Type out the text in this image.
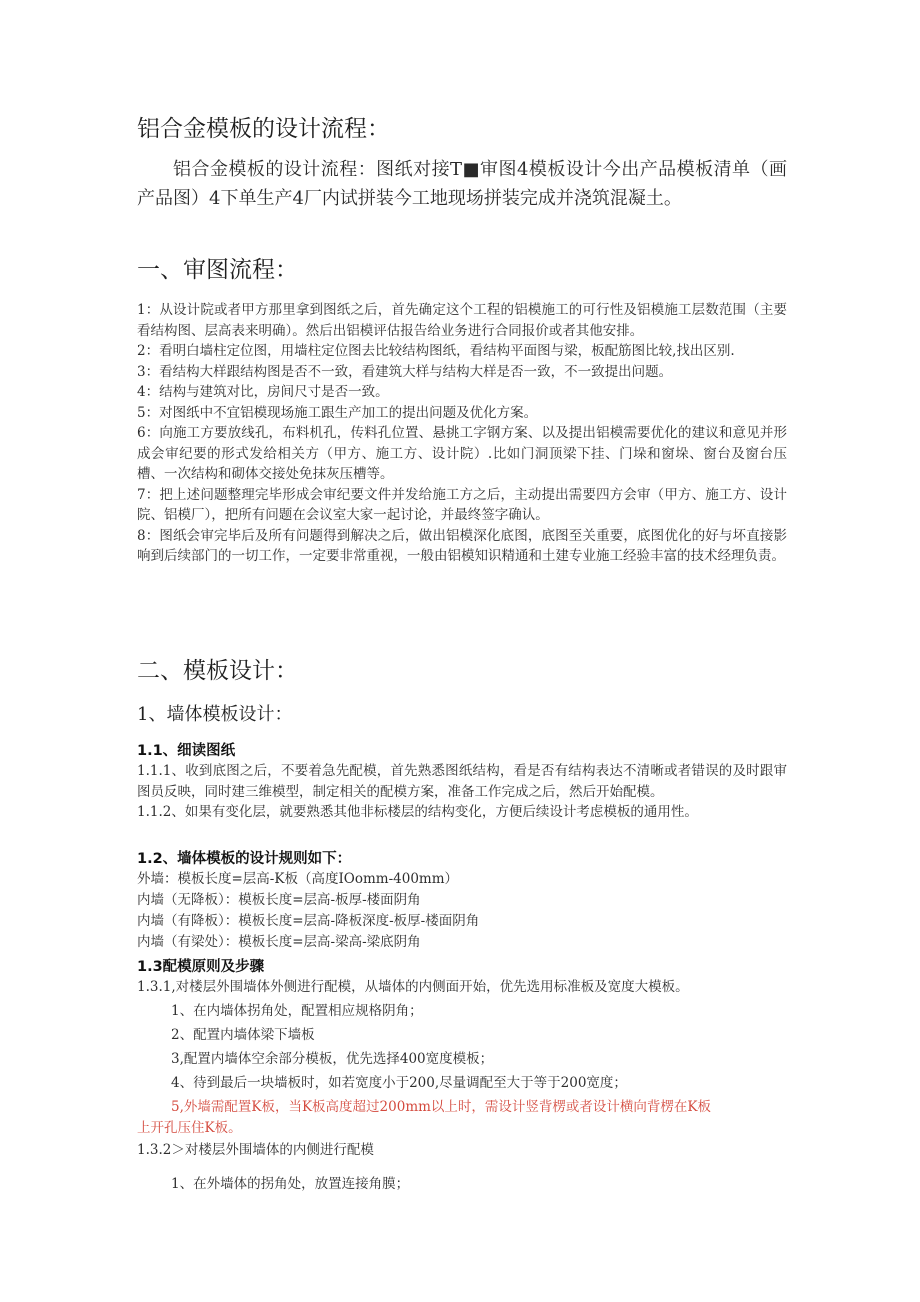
铝合金模板的设计流程：
铝合金模板的设计流程：图纸对接T■审图4模板设计今出产品模板清单（画产品图）4下单生产4厂内试拼装今工地现场拼装完成并浇筑混凝土。
一、审图流程：
1：从设计院或者甲方那里拿到图纸之后，首先确定这个工程的铝模施工的可行性及铝模施工层数范围（主要看结构图、层高表来明确）。然后出铝模评估报告给业务进行合同报价或者其他安排。
2：看明白墙柱定位图，用墙柱定位图去比较结构图纸，看结构平面图与梁，板配筋图比较,找出区别.
3：看结构大样跟结构图是否不一致，看建筑大样与结构大样是否一致，不一致提出问题。
4：结构与建筑对比，房间尺寸是否一致。
5：对图纸中不宜铝模现场施工跟生产加工的提出问题及优化方案。
6：向施工方要放线孔，布料机孔，传料孔位置、悬挑工字钢方案、以及提出铝模需要优化的建议和意见并形成会审纪要的形式发给相关方（甲方、施工方、设计院）.比如门洞顶梁下挂、门垛和窗垛、窗台及窗台压槽、一次结构和砌体交接处免抹灰压槽等。
7：把上述问题整理完毕形成会审纪要文件并发给施工方之后，主动提出需要四方会审（甲方、施工方、设计院、铝模厂），把所有问题在会议室大家一起讨论，并最终签字确认。
8：图纸会审完毕后及所有问题得到解决之后，做出铝模深化底图，底图至关重要，底图优化的好与坏直接影响到后续部门的一切工作，一定要非常重视，一般由铝模知识精通和土建专业施工经验丰富的技术经理负责。
二、模板设计：
1、墙体模板设计：
1.1、细读图纸
1.1.1、收到底图之后，不要着急先配模，首先熟悉图纸结构，看是否有结构表达不清晰或者错误的及时跟审图员反映，同时建三维模型，制定相关的配模方案，准备工作完成之后，然后开始配模。
1.1.2、如果有变化层，就要熟悉其他非标楼层的结构变化，方便后续设计考虑模板的通用性。
1.2、墙体模板的设计规则如下：
外墙：模板长度=层高-K板（高度IOomm-400mm）
内墙（无降板）：模板长度=层高-板厚-楼面阴角
内墙（有降板）：模板长度=层高-降板深度-板厚-楼面阴角
内墙（有梁处）：模板长度=层高-梁高-梁底阴角
1.3配模原则及步骤
1.3.1,对楼层外围墙体外侧进行配模，从墙体的内侧面开始，优先选用标准板及宽度大模板。
1、在内墙体拐角处，配置相应规格阴角；
2、配置内墙体梁下墙板
3,配置内墙体空余部分模板，优先选择400宽度模板；
4、待到最后一块墙板时，如若宽度小于200,尽量调配至大于等于200宽度；
5,外墙需配置K板，当K板高度超过200mm以上时，需设计竖背楞或者设计横向背楞在K板
上开孔压住K板。
1.3.2＞对楼层外围墙体的内侧进行配模
1、在外墙体的拐角处，放置连接角膜；
